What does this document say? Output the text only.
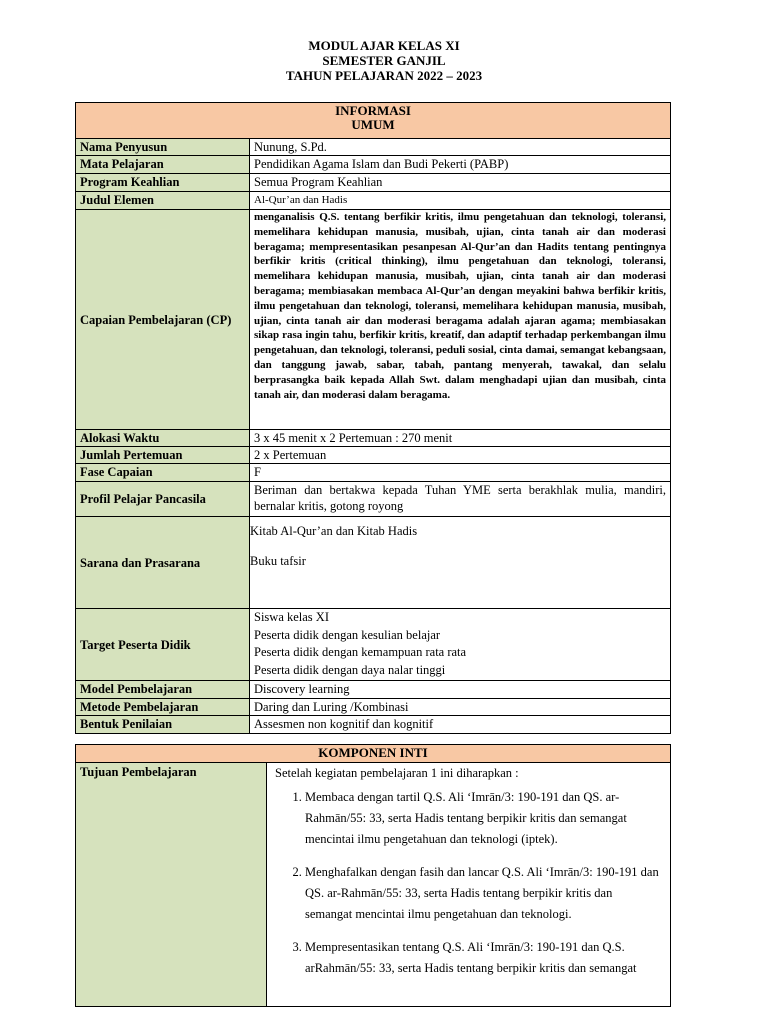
MODUL AJAR KELAS XI
SEMESTER GANJIL
TAHUN PELAJARAN 2022 – 2023
INFORMASI
UMUM	

Nama Penyusun	Nunung, S.Pd.
Mata Pelajaran	Pendidikan Agama Islam dan Budi Pekerti (PABP)
Program Keahlian	Semua Program Keahlian
Judul Elemen	Al-Qur’an dan Hadis
Capaian Pembelajaran (CP)	menganalisis Q.S. tentang berfikir kritis, ilmu pengetahuan dan teknologi, toleransi, memelihara kehidupan manusia, musibah, ujian, cinta tanah air dan moderasi beragama; mempresentasikan pesanpesan Al-Qur’an dan Hadits tentang pentingnya berfikir kritis (critical thinking), ilmu pengetahuan dan teknologi, toleransi, memelihara kehidupan manusia, musibah, ujian, cinta tanah air dan moderasi beragama; membiasakan membaca Al-Qur’an dengan meyakini bahwa berfikir kritis, ilmu pengetahuan dan teknologi, toleransi, memelihara kehidupan manusia, musibah, ujian, cinta tanah air dan moderasi beragama adalah ajaran agama; membiasakan sikap rasa ingin tahu, berfikir kritis, kreatif, dan adaptif terhadap perkembangan ilmu pengetahuan, dan teknologi, toleransi, peduli sosial, cinta damai, semangat kebangsaan, dan tanggung jawab, sabar, tabah, pantang menyerah, tawakal, dan selalu berprasangka baik kepada Allah Swt. dalam menghadapi ujian dan musibah, cinta tanah air, dan moderasi dalam beragama.
Alokasi Waktu	3 x 45 menit x 2 Pertemuan : 270 menit
Jumlah Pertemuan	2 x Pertemuan
Fase Capaian	F
Profil Pelajar Pancasila	Beriman dan bertakwa kepada Tuhan YME serta berakhlak mulia, mandiri, bernalar kritis, gotong royong
Sarana dan Prasarana	Kitab Al-Qur’an dan Kitab Hadis

Buku tafsir

Target Peserta Didik	Siswa kelas XI
Peserta didik dengan kesulian belajar
Peserta didik dengan kemampuan rata rata
Peserta didik dengan daya nalar tinggi

Model Pembelajaran	Discovery learning
Metode Pembelajaran	Daring dan Luring /Kombinasi
Bentuk Penilaian	Assesmen non kognitif dan kognitif
KOMPONEN INTI
Tujuan Pembelajaran	Setelah kegiatan pembelajaran 1 ini diharapkan :
1. Membaca dengan tartil Q.S. Ali ‘Imrān/3: 190-191 dan QS. ar-Rahmān/55: 33, serta Hadis tentang berpikir kritis dan semangat mencintai ilmu pengetahuan dan teknologi (iptek).
2. Menghafalkan dengan fasih dan lancar Q.S. Ali ‘Imrān/3: 190-191 dan QS. ar-Rahmān/55: 33, serta Hadis tentang berpikir kritis dan semangat mencintai ilmu pengetahuan dan teknologi.
3. Mempresentasikan tentang Q.S. Ali ‘Imrān/3: 190-191 dan Q.S. arRahmān/55: 33, serta Hadis tentang berpikir kritis dan semangat
